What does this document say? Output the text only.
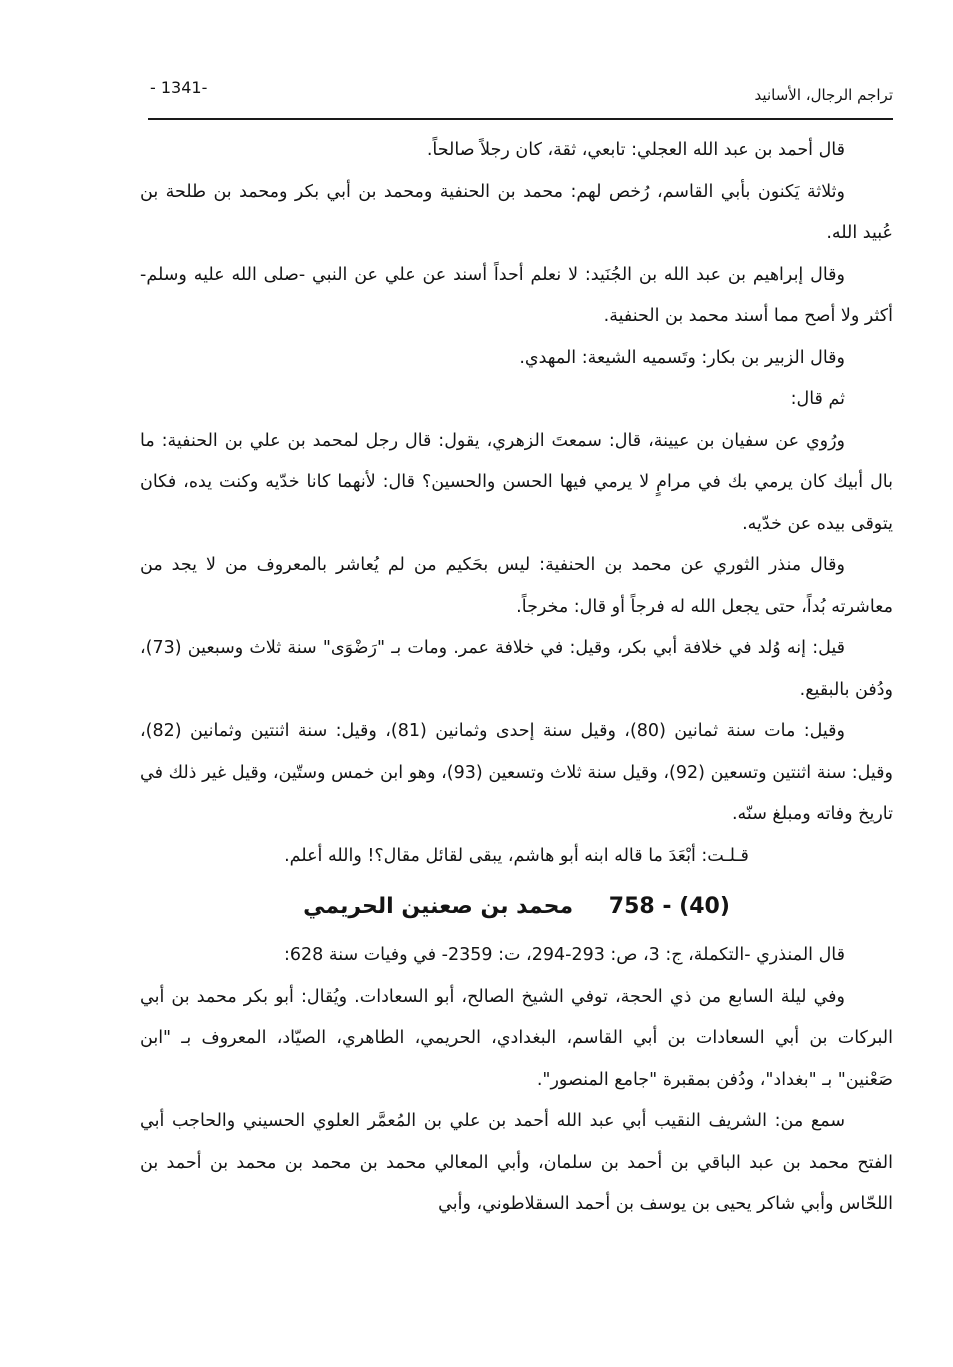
تراجم الرجال، الأسانيد
- 1341-

قال أحمد بن عبد الله العجلي: تابعي، ثقة، كان رجلاً صالحاً.

وثلاثة يَكنون بأبي القاسم، رُخص لهم: محمد بن الحنفية ومحمد بن أبي بكر ومحمد بن طلحة بن عُبيد الله.

وقال إبراهيم بن عبد الله بن الجُنَيد: لا نعلم أحداً أسند عن علي عن النبي -صلى الله عليه وسلم- أكثر ولا أصح مما أسند محمد بن الحنفية.

وقال الزبير بن بكار: وتَسميه الشيعة: المهدي.

ثم قال:

ورُوي عن سفيان بن عيينة، قال: سمعتَ الزهري، يقول: قال رجل لمحمد بن علي بن الحنفية: ما بال أبيك كان يرمي بك في مرامٍ لا يرمي فيها الحسن والحسين؟ قال: لأنهما كانا خدّيه وكنت يده، فكان يتوقى بيده عن خدّيه.

وقال منذر الثوري عن محمد بن الحنفية: ليس بحَكيم من لم يُعاشر بالمعروف من لا يجد من معاشرته بُداً، حتى يجعل الله له فرجاً أو قال: مخرجاً.

قيل: إنه وُلد في خلافة أبي بكر، وقيل: في خلافة عمر. ومات بـ "رَضْوَى" سنة ثلاث وسبعين (73)، ودُفن بالبقيع.

وقيل: مات سنة ثمانين (80)، وقيل سنة إحدى وثمانين (81)، وقيل: سنة اثنتين وثمانين (82)، وقيل: سنة اثنتين وتسعين (92)، وقيل سنة ثلاث وتسعين (93)، وهو ابن خمس وستّين، وقيل غير ذلك في تاريخ وفاته ومبلغ سنّه.

قـلـت: أبْعَدَ ما قاله ابنه أبو هاشم، يبقى لقائل مقال؟! والله أعلم.

758 - (40) محمد بن صعنين الحريمي

قال المنذري -التكملة، ج: 3، ص: 293-294، ت: 2359- في وفيات سنة 628:

وفي ليلة السابع من ذي الحجة، توفي الشيخ الصالح، أبو السعادات. ويُقال: أبو بكر محمد بن أبي البركات بن أبي السعادات بن أبي القاسم، البغدادي، الحريمي، الطاهري، الصيّاد، المعروف بـ "ابن صَعْنين" بـ "بغداد"، ودُفن بمقبرة "جامع المنصور".

سمع من: الشريف النقيب أبي عبد الله أحمد بن علي بن المُعمَّر العلوي الحسيني والحاجب أبي الفتح محمد بن عبد الباقي بن أحمد بن سلمان، وأبي المعالي محمد بن محمد بن محمد بن أحمد بن اللحّاس وأبي شاكر يحيى بن يوسف بن أحمد السقلاطوني، وأبي
